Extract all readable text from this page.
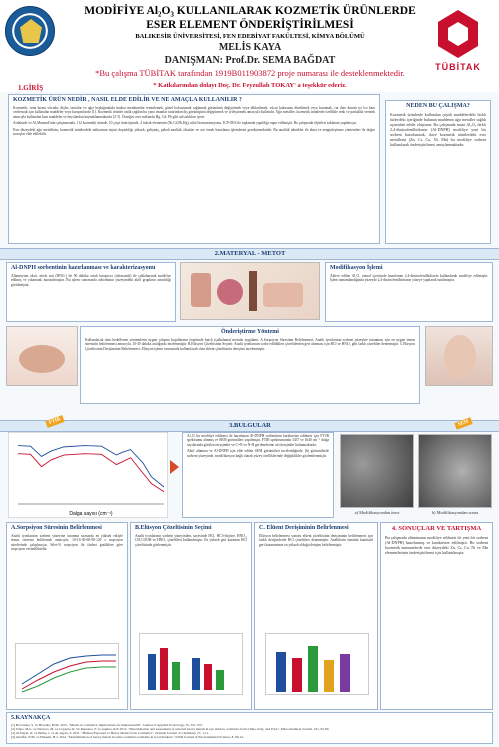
MODİFİYE Al₂O₃ KULLANILARAK KOZMETİK ÜRÜNLERDE
ESER ELEMENT ÖNDERİŞTİRİLMESİ
BALIKESİR ÜNİVERSİTESİ, FEN EDEBİYAT FAKÜLTESİ, KİMYA BÖLÜMÜ
MELİS KAYA
DANIŞMAN: Prof.Dr. SEMA BAĞDAT
*Bu çalışma TÜBİTAK tarafından 1919B011903872 proje numarası ile desteklenmektedir.
* Katkılarından dolayı Doç. Dr. Feyzullah TOKAY' a teşekkür ederiz.
TÜBİTAK
1.GİRİŞ
KOZMETİK ÜRÜN NEDİR , NASIL ELDE EDİLİR VE NE AMAÇLA KULLANILIR ?
Kozmetik; tırna kıranı vücudu; dişler, tanıtılar ve ağız boşluğundaki mukoz membranlar temizlemek, güzel kokuyumak sağlamak görünümü değiştirmek veya dikkatlenek, vücut kokusunu düzeltmek veya korumak, cut dize durum iyi lce bazı cerdensuk için kullanılan maddeler veya karışımlardır [1]. Kozmetik ürünler antik çağdan bu yana insanlar tarafından dış görünüşünü değiştirmek ve iyileştirmek amacıyla kullanılır. Ağır metaller, kozmetik ürünlerde özellikle renk ve parlaklık vermek amacıyla kullanılan bazı maddeler ve boyalardan kaynaklanmaktadır [2-3]. Örneğin, eser miktarda Hg, Cd, Pb gibi safsızlıkları içerir.
Ardahaolt ve Al₂Manmol'nün çalışmasında, 112 kozmetik üründe, 10 çeşit ürün tipinde, 4 toksik elementin (Ni,Cd,Pb,Hg), nikel konsantrasyonu, ICP-OES ile toplamda yapıldığı rapor edilmiştir. Bu çalışmada ölçütleri saklanan yapılmıştır.
Eser düzeydeki ağır metallerin, kozmetik ürünlerdeki miktarının tayini duyarlılığı yüksek, gelişmiş, pahalı analitik cihazlar ve zor örnek hazırlama işlemlerini gerektirmektedir. Bu analitik teknikler ile alma ve zenginleştirme yöntemleri ile doğru sonuçlar elde edilebilir.
NEDEN BU ÇALIŞMA?
Kozmetik ürünlerde kullanılan çeşitli maddelerdeki farklı türlerdeki içeriğinde bulunan maddenin ağır metaller sağlık açısından tehdit oluşturur. Bu çalışmada mutıt Al₂O₃ farklı 2,4-dinitrofenilhidrazin (Al-DNPH) modifiye yeni bir sorbent hazırlanarak, ilave kozmetik ürünlerdeki eser metallerin (Zn, Cr, Cu, Ni, Mn) bu modifiye sorbent kullanılarak önderiştirilmesi amaçlanmaktadır.
2.MATERYAL - METOT
Al-DNPH sorbentinin hazırlanması ve karakterizasyonu
Alüminyum oksit, nitrik asit (HNO₃) ile 90 dakika ortalı karıştırıcı (ultrasonik) ile çalkalanarak modifiye edilmiş ve yıkanarak kurutulmuştur. Bu işlem sonrasında adsorbanın yüzeyindeki aktif grupların artırıldığı görülmüştür.
Modifikasyon İşlemi
Aktive edilen Al₂O₃ etanol içerisinde hazırlanan 2,4-dinitrofenilhidrazin kullanılarak modifiye edilmiştir. İşlem tamamlandığında yüzeyde 2,4-dinitrofenilhidrazin yüzeye yapılarak tutulmuştur.
Önderiştirme Yöntemi
Kullanılacak olan hedeflenen yöntemlerin uygun çalışma koşullarının tespitinde batch (çalkalama) metodu uygulanır. A.Sorpsiyon Süresinin Belirlenmesi: Analit iyonlarının sorbent yüzeyine tutunması için en uygun temas süresinin belirlenmesi amacıyla, 10-30 dakika aralığında incelenmiştir. B.Elüsyon Çözeltisinin Seçimi: Analit iyonlarının sorbe edildikleri çözeltilerden geri alınması için HCl ve HNO₃ gibi farklı çözeltiler denenmiştir. C.Elüsyon Çözeltisinin Derişiminin Belirlenmesi: Elüsyon işlemi sonrasında kullanılacak olan elüent çözeltisinin derişimi incelenmiştir.
3.BULGULAR
FTIR
Dalga sayısı (cm⁻¹)
Al₂O₃'ün modifiye edilmesi ile hazırlanan Al-DNPH sorbentinin karakterize edilmesi için FT-IR spektrumu alınmış ve SEM görüntüleri yapılmıştır. FTIR spektrumunda 3437 ve 1640 cm⁻¹ dalga sayılarında görülen titreşimler ve C=N ve N-H gerilmelerine ait titreşimler bulunmaktadır.
Aktif alümina ve Al-DNPH için elde edilen SEM görüntüleri incelendiğinde, (b) görüntülerde sorbent yüzeyinde, modifikasyon bağlı olarak yüzey özelliklerinde değişiklikler gözlemlenmiştir.
SEM
a) Modifikasyondan önce	b) Modifikasyondan sonra
A.Sorpsiyon Süresinin Belirlenmesi
Analit iyonlarının sorbent yüzeyine tutunma sırasında en yüksek etkiyle temas süresini belirlemek amacıyla, 10-16-30-60-90-120 s sorpsiyon sürelerinde çalışılmıştır. Silet-% sorpsiyon ile ifadesi grafiklere göre sorpsiyon verimliliktedir.
B.Elüsyon Çözeltisinin Seçimi
Analit iyonlarının sorbent yüzeyinden, sayesinde HCl, HCl+thiyüre, HNO₃, CH₃COOH ve HNO₃ çözeltileri kullanılmıştır. En yüksek geri kazanım HCl çözeltisinde gözlenmiştir.
C. Elüent Derişiminin Belirlenmesi
Elüsyon belirlenmesi sonrası elüent çözeltisinin derişiminin belirlenmesi için farklı derişimlerde HCl çözeltileri denenmiştir. Analitlerin tümünü kantitatif geri kazanımının en yüksek olduğu derişim belirlenmiştir.
4. SONUÇLAR VE TARTIŞMA
Bu çalışmada alüminanın modifiye edilmesi ile yeni bir sorbent (Al-DNPH) hazırlanmış ve karakterize edilmiştir. Bu sorbent kozmetik numunelerde eser düzeydeki Zn, Cr, Cu, Ni ve Mn elementlerinin önderiştirilmesi için kullanılmıştır.
5.KAYNAKÇA
[1] Borowska, S. ve Brzoska, M.M. 2015. "Metals in cosmetics: implications for human health". Journal of Applied Toxicology, 35, 551-572.
[2] Volpe, M.G. ve Nazzaro, M. ve Coppola, R. Ve Rapuano, F. ve Aquino, R.P. 2012. "Determination and assessment of selected heavy metals in eye shadow cosmetics from China, Italy, and USA", Microchemical Journal, 101, 65-69.
[3] Al-Dayel, O. ve Hefne, J. ve Al-Ajyan, T. 2011. "Human Exposure to Heavy Metals from Cosmetics". Oriental Journal of Chemistry, 27, 1-11.
[4] Alsaffar, N.M. ve Hussein, H.J. 2014. "Determination of heavy metals in some cosmetics available in local markets". IOSR Journal of Environmental Science, 8, 09-12.
